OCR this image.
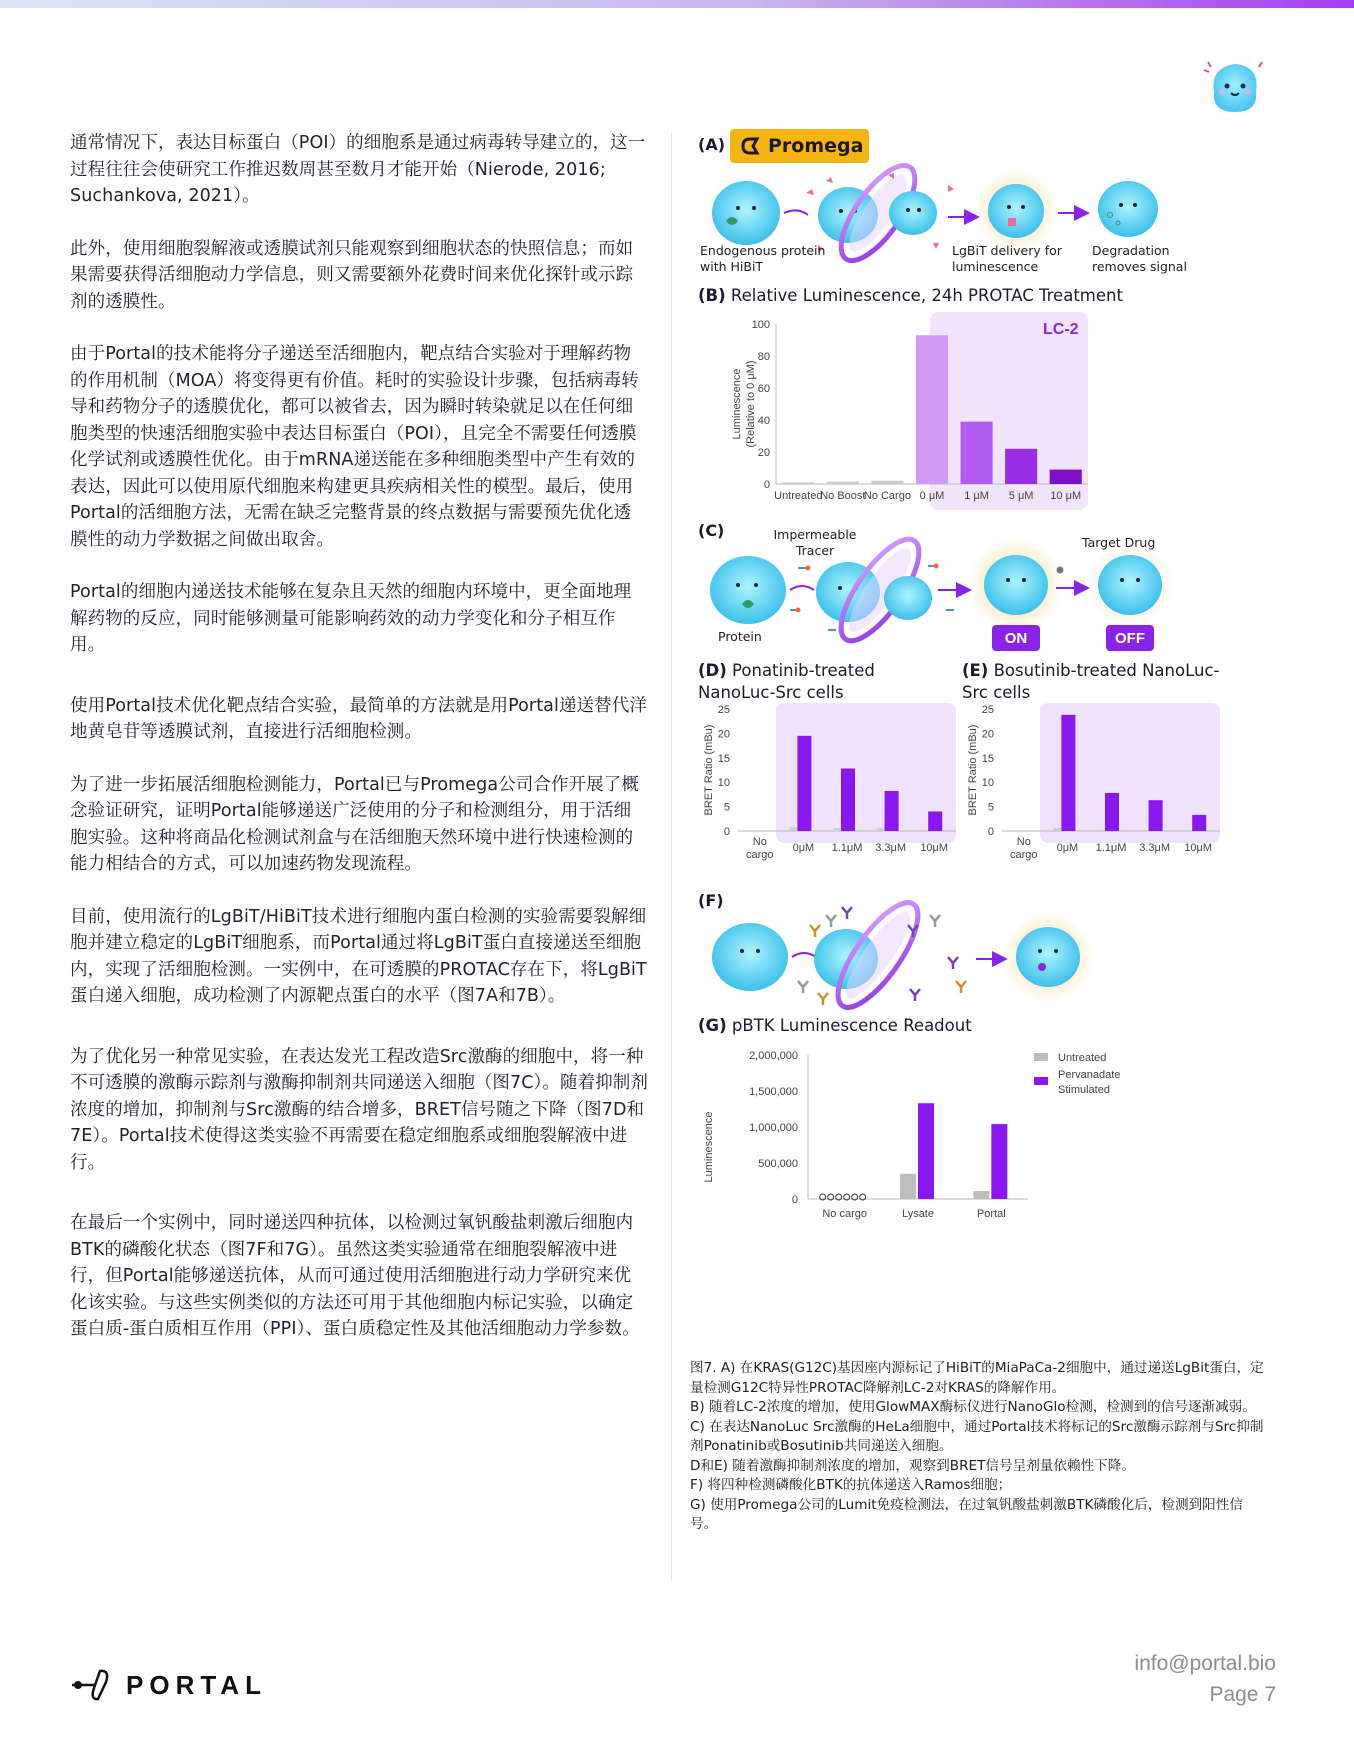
通常情况下，表达目标蛋白（POI）的细胞系是通过病毒转导建立的，这一过程往往会使研究工作推迟数周甚至数月才能开始（Nierode, 2016; Suchankova, 2021）。

此外，使用细胞裂解液或透膜试剂只能观察到细胞状态的快照信息；而如果需要获得活细胞动力学信息，则又需要额外花费时间来优化探针或示踪剂的透膜性。

由于Portal的技术能将分子递送至活细胞内，靶点结合实验对于理解药物的作用机制（MOA）将变得更有价值。耗时的实验设计步骤，包括病毒转导和药物分子的透膜优化，都可以被省去，因为瞬时转染就足以在任何细胞类型的快速活细胞实验中表达目标蛋白（POI），且完全不需要任何透膜化学试剂或透膜性优化。由于mRNA递送能在多种细胞类型中产生有效的表达，因此可以使用原代细胞来构建更具疾病相关性的模型。最后，使用Portal的活细胞方法，无需在缺乏完整背景的终点数据与需要预先优化透膜性的动力学数据之间做出取舍。

Portal的细胞内递送技术能够在复杂且天然的细胞内环境中，更全面地理解药物的反应，同时能够测量可能影响药效的动力学变化和分子相互作用。

使用Portal技术优化靶点结合实验，最简单的方法就是用Portal递送替代洋地黄皂苷等透膜试剂，直接进行活细胞检测。

为了进一步拓展活细胞检测能力，Portal已与Promega公司合作开展了概念验证研究，证明Portal能够递送广泛使用的分子和检测组分，用于活细胞实验。这种将商品化检测试剂盒与在活细胞天然环境中进行快速检测的能力相结合的方式，可以加速药物发现流程。

目前，使用流行的LgBiT/HiBiT技术进行细胞内蛋白检测的实验需要裂解细胞并建立稳定的LgBiT细胞系，而Portal通过将LgBiT蛋白直接递送至细胞内，实现了活细胞检测。一实例中，在可透膜的PROTAC存在下，将LgBiT蛋白递入细胞，成功检测了内源靶点蛋白的水平（图7A和7B）。

为了优化另一种常见实验，在表达发光工程改造Src激酶的细胞中，将一种不可透膜的激酶示踪剂与激酶抑制剂共同递送入细胞（图7C）。随着抑制剂浓度的增加，抑制剂与Src激酶的结合增多，BRET信号随之下降（图7D和7E）。Portal技术使得这类实验不再需要在稳定细胞系或细胞裂解液中进行。

在最后一个实例中，同时递送四种抗体，以检测过氧钒酸盐刺激后细胞内BTK的磷酸化状态（图7F和7G）。虽然这类实验通常在细胞裂解液中进行，但Portal能够递送抗体，从而可通过使用活细胞进行动力学研究来优化该实验。与这些实例类似的方法还可用于其他细胞内标记实验，以确定蛋白质-蛋白质相互作用（PPI）、蛋白质稳定性及其他活细胞动力学参数。

(A) Promega
Endogenous protein with HiBiT
LgBiT delivery for luminescence
Degradation removes signal
(B) Relative Luminescence, 24h PROTAC Treatment
LC-2
0
20
40
60
80
100
Luminescence (Relative to 0 μM)
Untreated
No Boost
No Cargo 0 μM 1 μM 5 μM 10 μM
(C)	Impermeable Tracer
Target Drug
Protein	ON	OFF
(D) Ponatinib-treated NanoLuc-Src cells
(E) Bosutinib-treated NanoLuc-Src cells
0
5
10
15
20
25
BRET Ratio (mBu)
No
cargo
0μM 1.1μM 3.3μM 10μM
0
5
10
15
20
25
BRET Ratio (mBu)
No
cargo
0μM 1.1μM 3.3μM 10μM
(F)
(G) pBTK Luminescence Readout
0
500,000
1,000,000
1,500,000
2,000,000
Luminescence
No cargo	Lysate	Portal
Untreated
Pervanadate
Stimulated

图7. A) 在KRAS(G12C)基因座内源标记了HiBiT的MiaPaCa-2细胞中，通过递送LgBit蛋白，定量检测G12C特异性PROTAC降解剂LC-2对KRAS的降解作用。

B) 随着LC-2浓度的增加，使用GlowMAX酶标仪进行NanoGlo检测，检测到的信号逐渐减弱。

C) 在表达NanoLuc Src激酶的HeLa细胞中，通过Portal技术将标记的Src激酶示踪剂与Src抑制剂Ponatinib或Bosutinib共同递送入细胞。

D和E) 随着激酶抑制剂浓度的增加，观察到BRET信号呈剂量依赖性下降。

F) 将四种检测磷酸化BTK的抗体递送入Ramos细胞；

G) 使用Promega公司的Lumit免疫检测法，在过氧钒酸盐刺激BTK磷酸化后，检测到阳性信号。

PORTAL
info@portal.bio
Page 7
